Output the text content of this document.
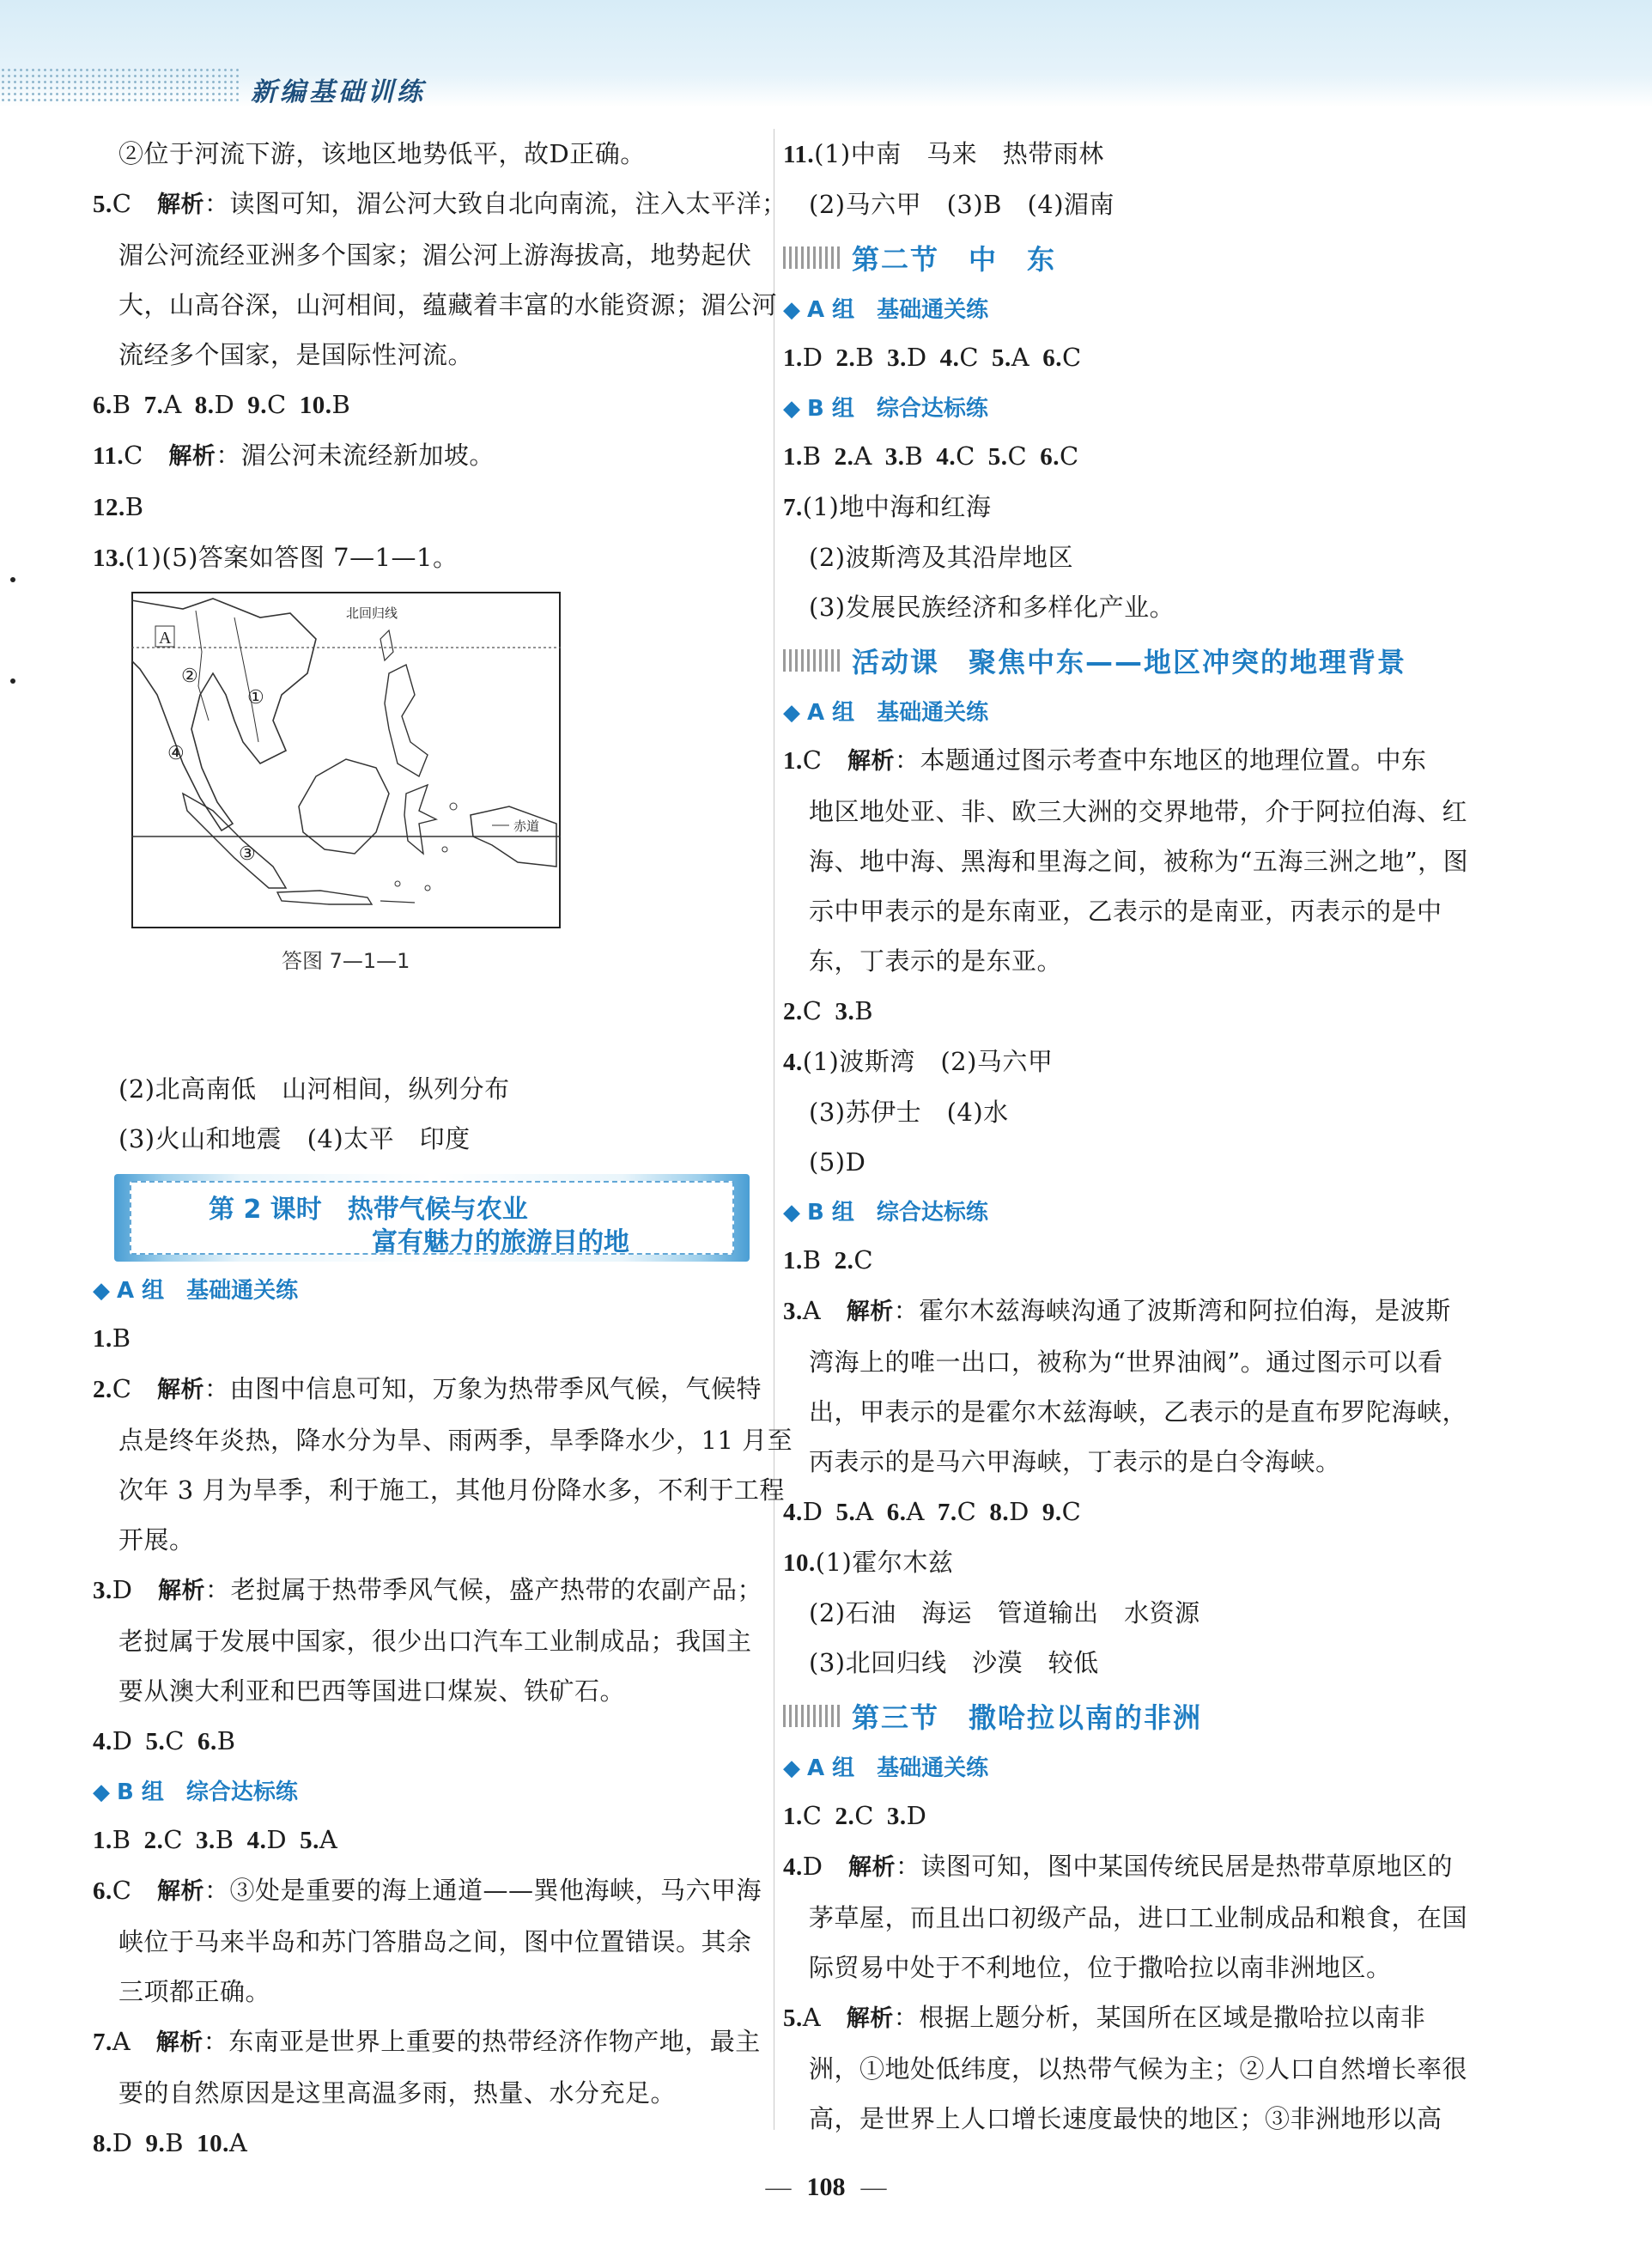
新编基础训练

②位于河流下游，该地区地势低平，故D正确。

5.C  解析：读图可知，湄公河大致自北向南流，注入太平洋；

湄公河流经亚洲多个国家；湄公河上游海拔高，地势起伏

大，山高谷深，山河相间，蕴藏着丰富的水能资源；湄公河

流经多个国家，是国际性河流。

6.B  7.A  8.D  9.C  10.B

11.C  解析：湄公河未流经新加坡。

12.B

13.(1)(5)答案如答图 7—1—1。

A
北回归线
赤道
②
①
④
③
答图 7—1—1

(2)北高南低　山河相间，纵列分布

(3)火山和地震　(4)太平　印度

第 2 课时　热带气候与农业
富有魅力的旅游目的地
◆ A 组　基础通关练

1.B

2.C  解析：由图中信息可知，万象为热带季风气候，气候特

点是终年炎热，降水分为旱、雨两季，旱季降水少，11 月至

次年 3 月为旱季，利于施工，其他月份降水多，不利于工程

开展。

3.D  解析：老挝属于热带季风气候，盛产热带的农副产品；

老挝属于发展中国家，很少出口汽车工业制成品；我国主

要从澳大利亚和巴西等国进口煤炭、铁矿石。

4.D  5.C  6.B

◆ B 组　综合达标练

1.B  2.C  3.B  4.D  5.A

6.C  解析：③处是重要的海上通道——巽他海峡，马六甲海

峡位于马来半岛和苏门答腊岛之间，图中位置错误。其余

三项都正确。

7.A  解析：东南亚是世界上重要的热带经济作物产地，最主

要的自然原因是这里高温多雨，热量、水分充足。

8.D  9.B  10.A

11.(1)中南　马来　热带雨林

(2)马六甲　(3)B　(4)湄南

第二节　中　东
◆ A 组　基础通关练

1.D  2.B  3.D  4.C  5.A  6.C

◆ B 组　综合达标练

1.B  2.A  3.B  4.C  5.C  6.C

7.(1)地中海和红海

(2)波斯湾及其沿岸地区

(3)发展民族经济和多样化产业。

活动课　聚焦中东——地区冲突的地理背景
◆ A 组　基础通关练

1.C  解析：本题通过图示考查中东地区的地理位置。中东

地区地处亚、非、欧三大洲的交界地带，介于阿拉伯海、红

海、地中海、黑海和里海之间，被称为“五海三洲之地”，图

示中甲表示的是东南亚，乙表示的是南亚，丙表示的是中

东，丁表示的是东亚。

2.C  3.B

4.(1)波斯湾　(2)马六甲

(3)苏伊士　(4)水

(5)D

◆ B 组　综合达标练

1.B  2.C

3.A  解析：霍尔木兹海峡沟通了波斯湾和阿拉伯海，是波斯

湾海上的唯一出口，被称为“世界油阀”。通过图示可以看

出，甲表示的是霍尔木兹海峡，乙表示的是直布罗陀海峡，

丙表示的是马六甲海峡，丁表示的是白令海峡。

4.D  5.A  6.A  7.C  8.D  9.C

10.(1)霍尔木兹

(2)石油　海运　管道输出　水资源

(3)北回归线　沙漠　较低

第三节　撒哈拉以南的非洲
◆ A 组　基础通关练

1.C  2.C  3.D

4.D  解析：读图可知，图中某国传统民居是热带草原地区的

茅草屋，而且出口初级产品，进口工业制成品和粮食，在国

际贸易中处于不利地位，位于撒哈拉以南非洲地区。

5.A  解析：根据上题分析，某国所在区域是撒哈拉以南非

洲，①地处低纬度，以热带气候为主；②人口自然增长率很

高，是世界上人口增长速度最快的地区；③非洲地形以高

— 108 —
